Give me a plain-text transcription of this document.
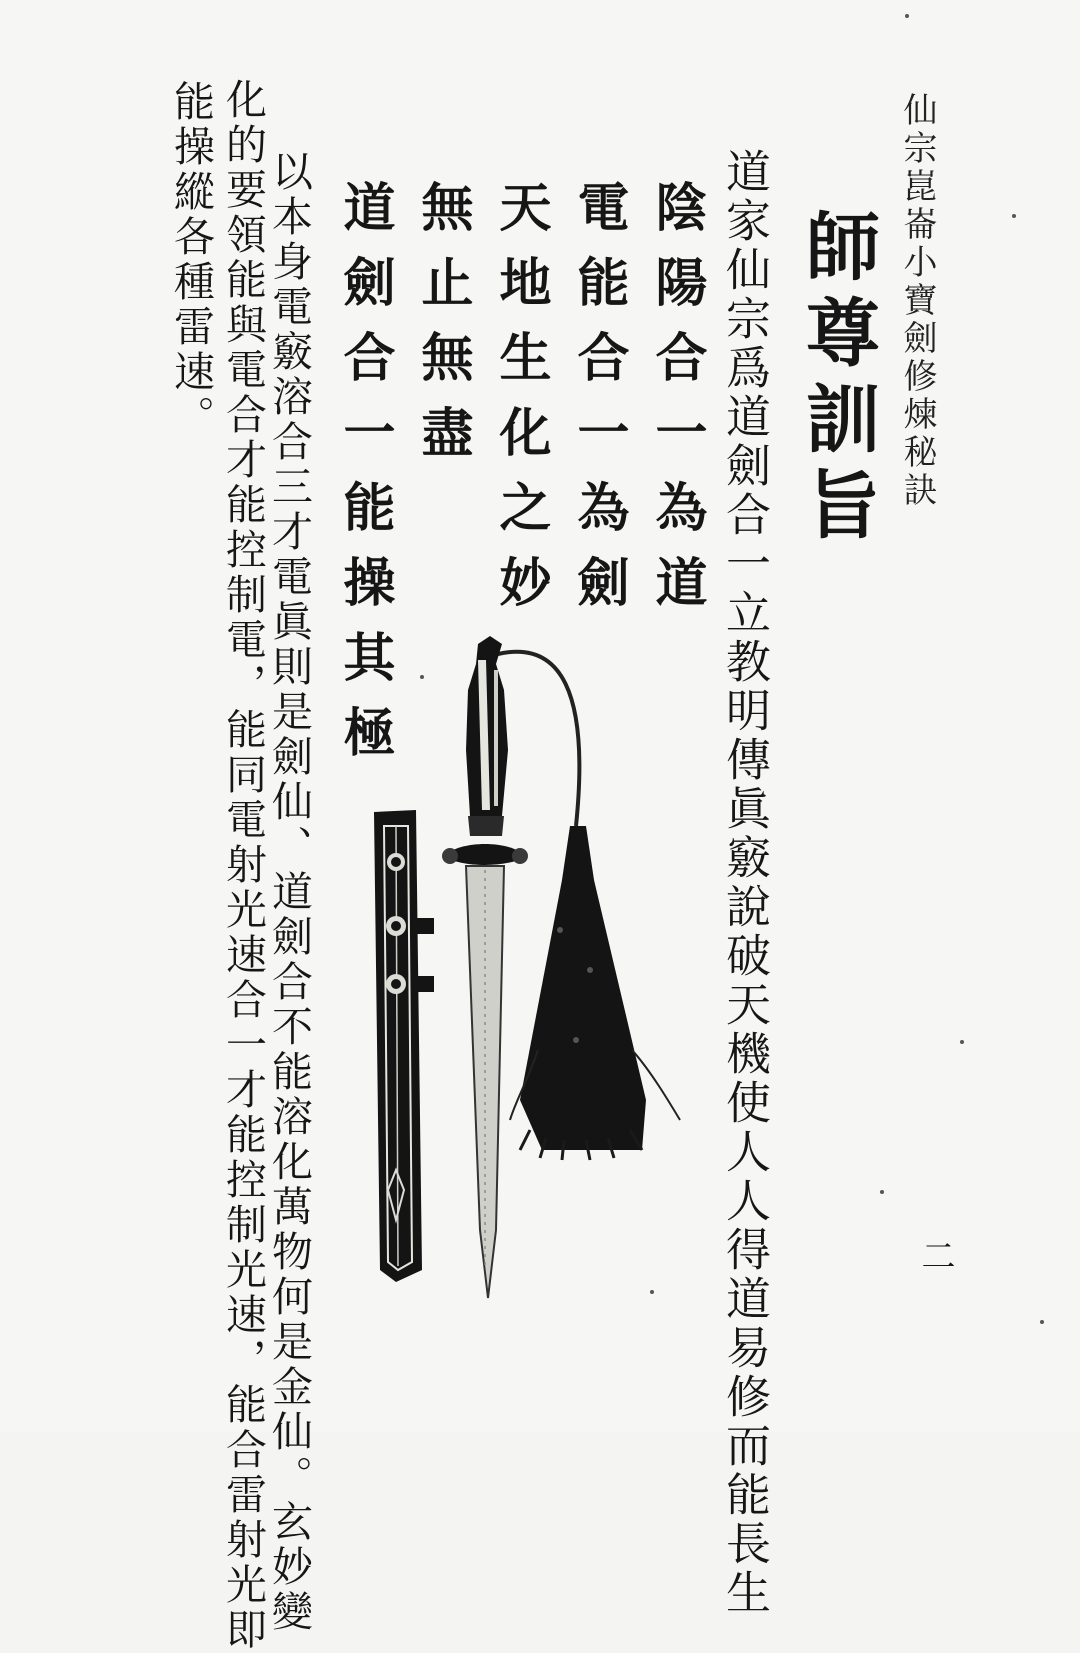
仙宗崑崙小寶劍修煉秘訣
師尊訓旨
道家仙宗爲道劍合一立教明傳眞竅說破天機使人人得道易修而能長生
陰陽合一為道
電能合一為劍
天地生化之妙
無止無盡
道劍合一能操其極
以本身電竅溶合三才電眞則是劍仙、道劍合不能溶化萬物何是金仙。玄妙變
化的要領能與電合才能控制電，能同電射光速合一才能控制光速，能合雷射光即
能操縱各種雷速。
二
